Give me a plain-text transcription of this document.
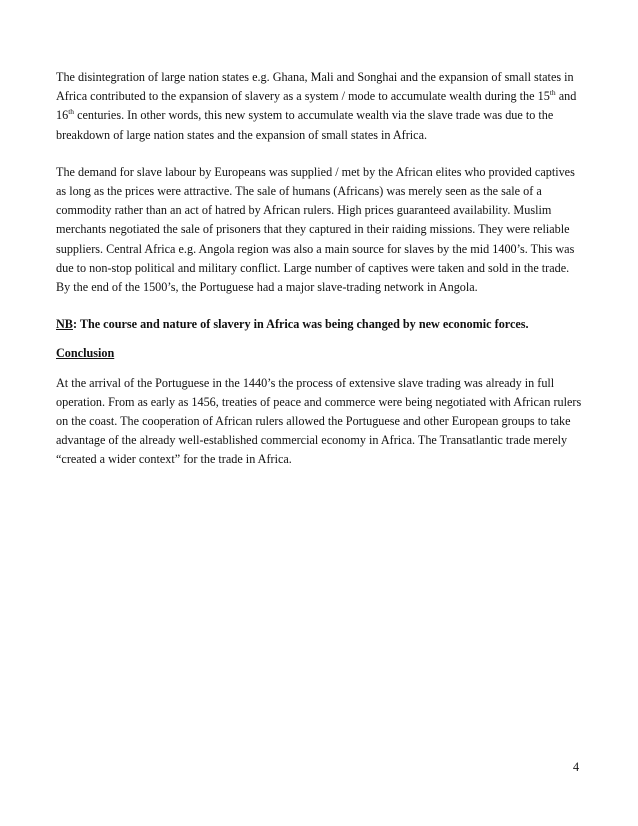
The disintegration of large nation states e.g. Ghana, Mali and Songhai and the expansion of small states in Africa contributed to the expansion of slavery as a system / mode to accumulate wealth during the 15th and 16th centuries. In other words, this new system to accumulate wealth via the slave trade was due to the breakdown of large nation states and the expansion of small states in Africa.

The demand for slave labour by Europeans was supplied / met by the African elites who provided captives as long as the prices were attractive. The sale of humans (Africans) was merely seen as the sale of a commodity rather than an act of hatred by African rulers. High prices guaranteed availability. Muslim merchants negotiated the sale of prisoners that they captured in their raiding missions. They were reliable suppliers. Central Africa e.g. Angola region was also a main source for slaves by the mid 1400’s. This was due to non-stop political and military conflict. Large number of captives were taken and sold in the trade. By the end of the 1500’s, the Portuguese had a major slave-trading network in Angola.

NB: The course and nature of slavery in Africa was being changed by new economic forces.

Conclusion

At the arrival of the Portuguese in the 1440’s the process of extensive slave trading was already in full operation. From as early as 1456, treaties of peace and commerce were being negotiated with African rulers on the coast. The cooperation of African rulers allowed the Portuguese and other European groups to take advantage of the already well-established commercial economy in Africa. The Transatlantic trade merely “created a wider context” for the trade in Africa.

4
